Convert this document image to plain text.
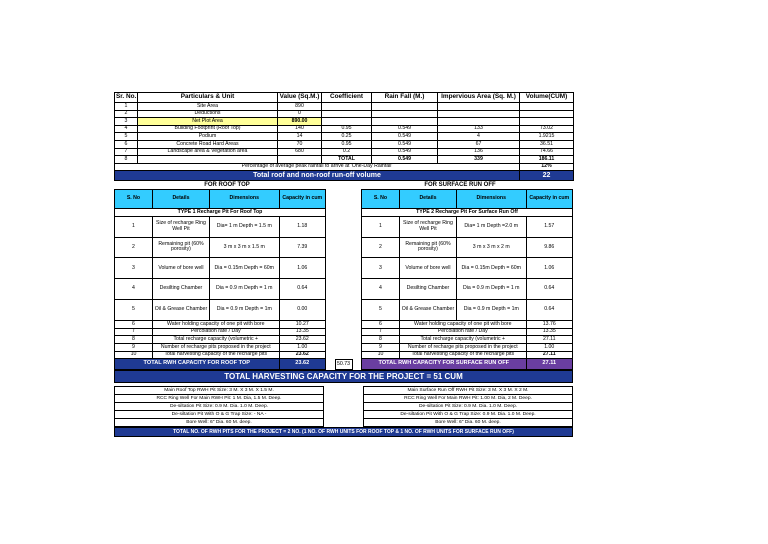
Sr. No.	Particulars & Unit	Value (Sq.M.)	Coefficient	Rain Fall (M.)	Impervious Area (Sq. M.)	Volume(CUM)
1	Site Area	890				
2	Deductions	0				
3	Net Plot Area	890.00				
4	Building Footprint (Roof Top)	140	0.95	0.549	133	73.02
5	Podium	14	0.25	0.549	4	1.9215
6	Concrete Road Hard Areas	70	0.95	0.549	67	36.51
7	Landscape area & Vegetation area	680	0.2	0.549	136	74.66
8			TOTAL	0.549	339	186.11
Percentage of average peak rainfall to arrive at 'One-Day Rainfall'						12%
Total roof and non-roof run-off volume						22
FOR ROOF TOP		FOR SURFACE RUN OFF
S. No	Details	Dimensions	Capacity in cum
TYPE 1 Recharge Pit For Roof Top			
1	Size of recharge Ring Well Pit	Dia= 1 m Depth = 1.5 m	1.18
2	Remaining pit (60% porosity)	3 m x 3 m x 1.5 m	7.39
3	Volume of bore well	Dia = 0.15m Depth = 60m	1.06
4	Desilting Chamber	Dia = 0.9 m Depth = 1 m	0.64
5	Oil & Grease Chamber	Dia = 0.9 m Depth = 1m	0.00
6	Water holding capacity of one pit with bore		10.27
7	Percolation rate / Day		13.35
8	Total recharge capacity (volumetric +		23.62
9	Number of recharge pits proposed in the project		1.00
10	Total harvesting capacity of the recharge pits		23.62
TOTAL RWH CAPACITY FOR ROOF TOP			23.62	50.73
S. No	Details	Dimensions	Capacity in cum
TYPE 2 Recharge Pit For Surface Run Off			
1	Size of recharge Ring Well Pit	Dia= 1 m Depth =2.0 m	1.57
2	Remaining pit (60% porosity)	3 m x 3 m x 2 m	9.86
3	Volume of bore well	Dia = 0.15m Depth = 60m	1.06
4	Desilting Chamber	Dia = 0.9 m Depth = 1 m	0.64
5	Oil & Grease Chamber	Dia = 0.9 m Depth = 1m	0.64
6	Water holding capacity of one pit with bore		13.76
7	Percolation rate / Day		13.35
8	Total recharge capacity (volumetric +		27.11
9	Number of recharge pits proposed in the project		1.00
10	Total harvesting capacity of the recharge pits		27.11
TOTAL RWH CAPACITY FOR SURFACE RUN OFF			27.11
TOTAL HARVESTING CAPACITY FOR THE PROJECT = 51 CUM
Main Roof Top RWH Pit Size: 3 M. X 3 M. X 1.5 M.
RCC Ring Well For Main RWH Pit: 1 M. Dia, 1.5 M. Deep.
De-siltation Pit Size: 0.9 M. Dia. 1.0 M. Deep.
De-siltation Pit With O & G Trap Size: - NA -
Bore Well: 6" Dia. 60 M. deep.
Main Surface Run Off RWH Pit Size: 3 M. X 3 M. X 2 M.
RCC Ring Well For Main RWH Pit: 1.00 M. Dia, 2 M. Deep.
De-siltation Pit Size: 0.9 M. Dia. 1.0 M. Deep.
De-siltation Pit With O & G Trap Size: 0.9 M. Dia. 1.0 M. Deep.
Bore Well: 6" Dia. 60 M. deep.
TOTAL NO. OF RWH PITS FOR THE PROJECT = 2 NO. (1 NO. OF RWH UNITS FOR ROOF TOP & 1 NO. OF RWH UNITS FOR SURFACE RUN OFF)
